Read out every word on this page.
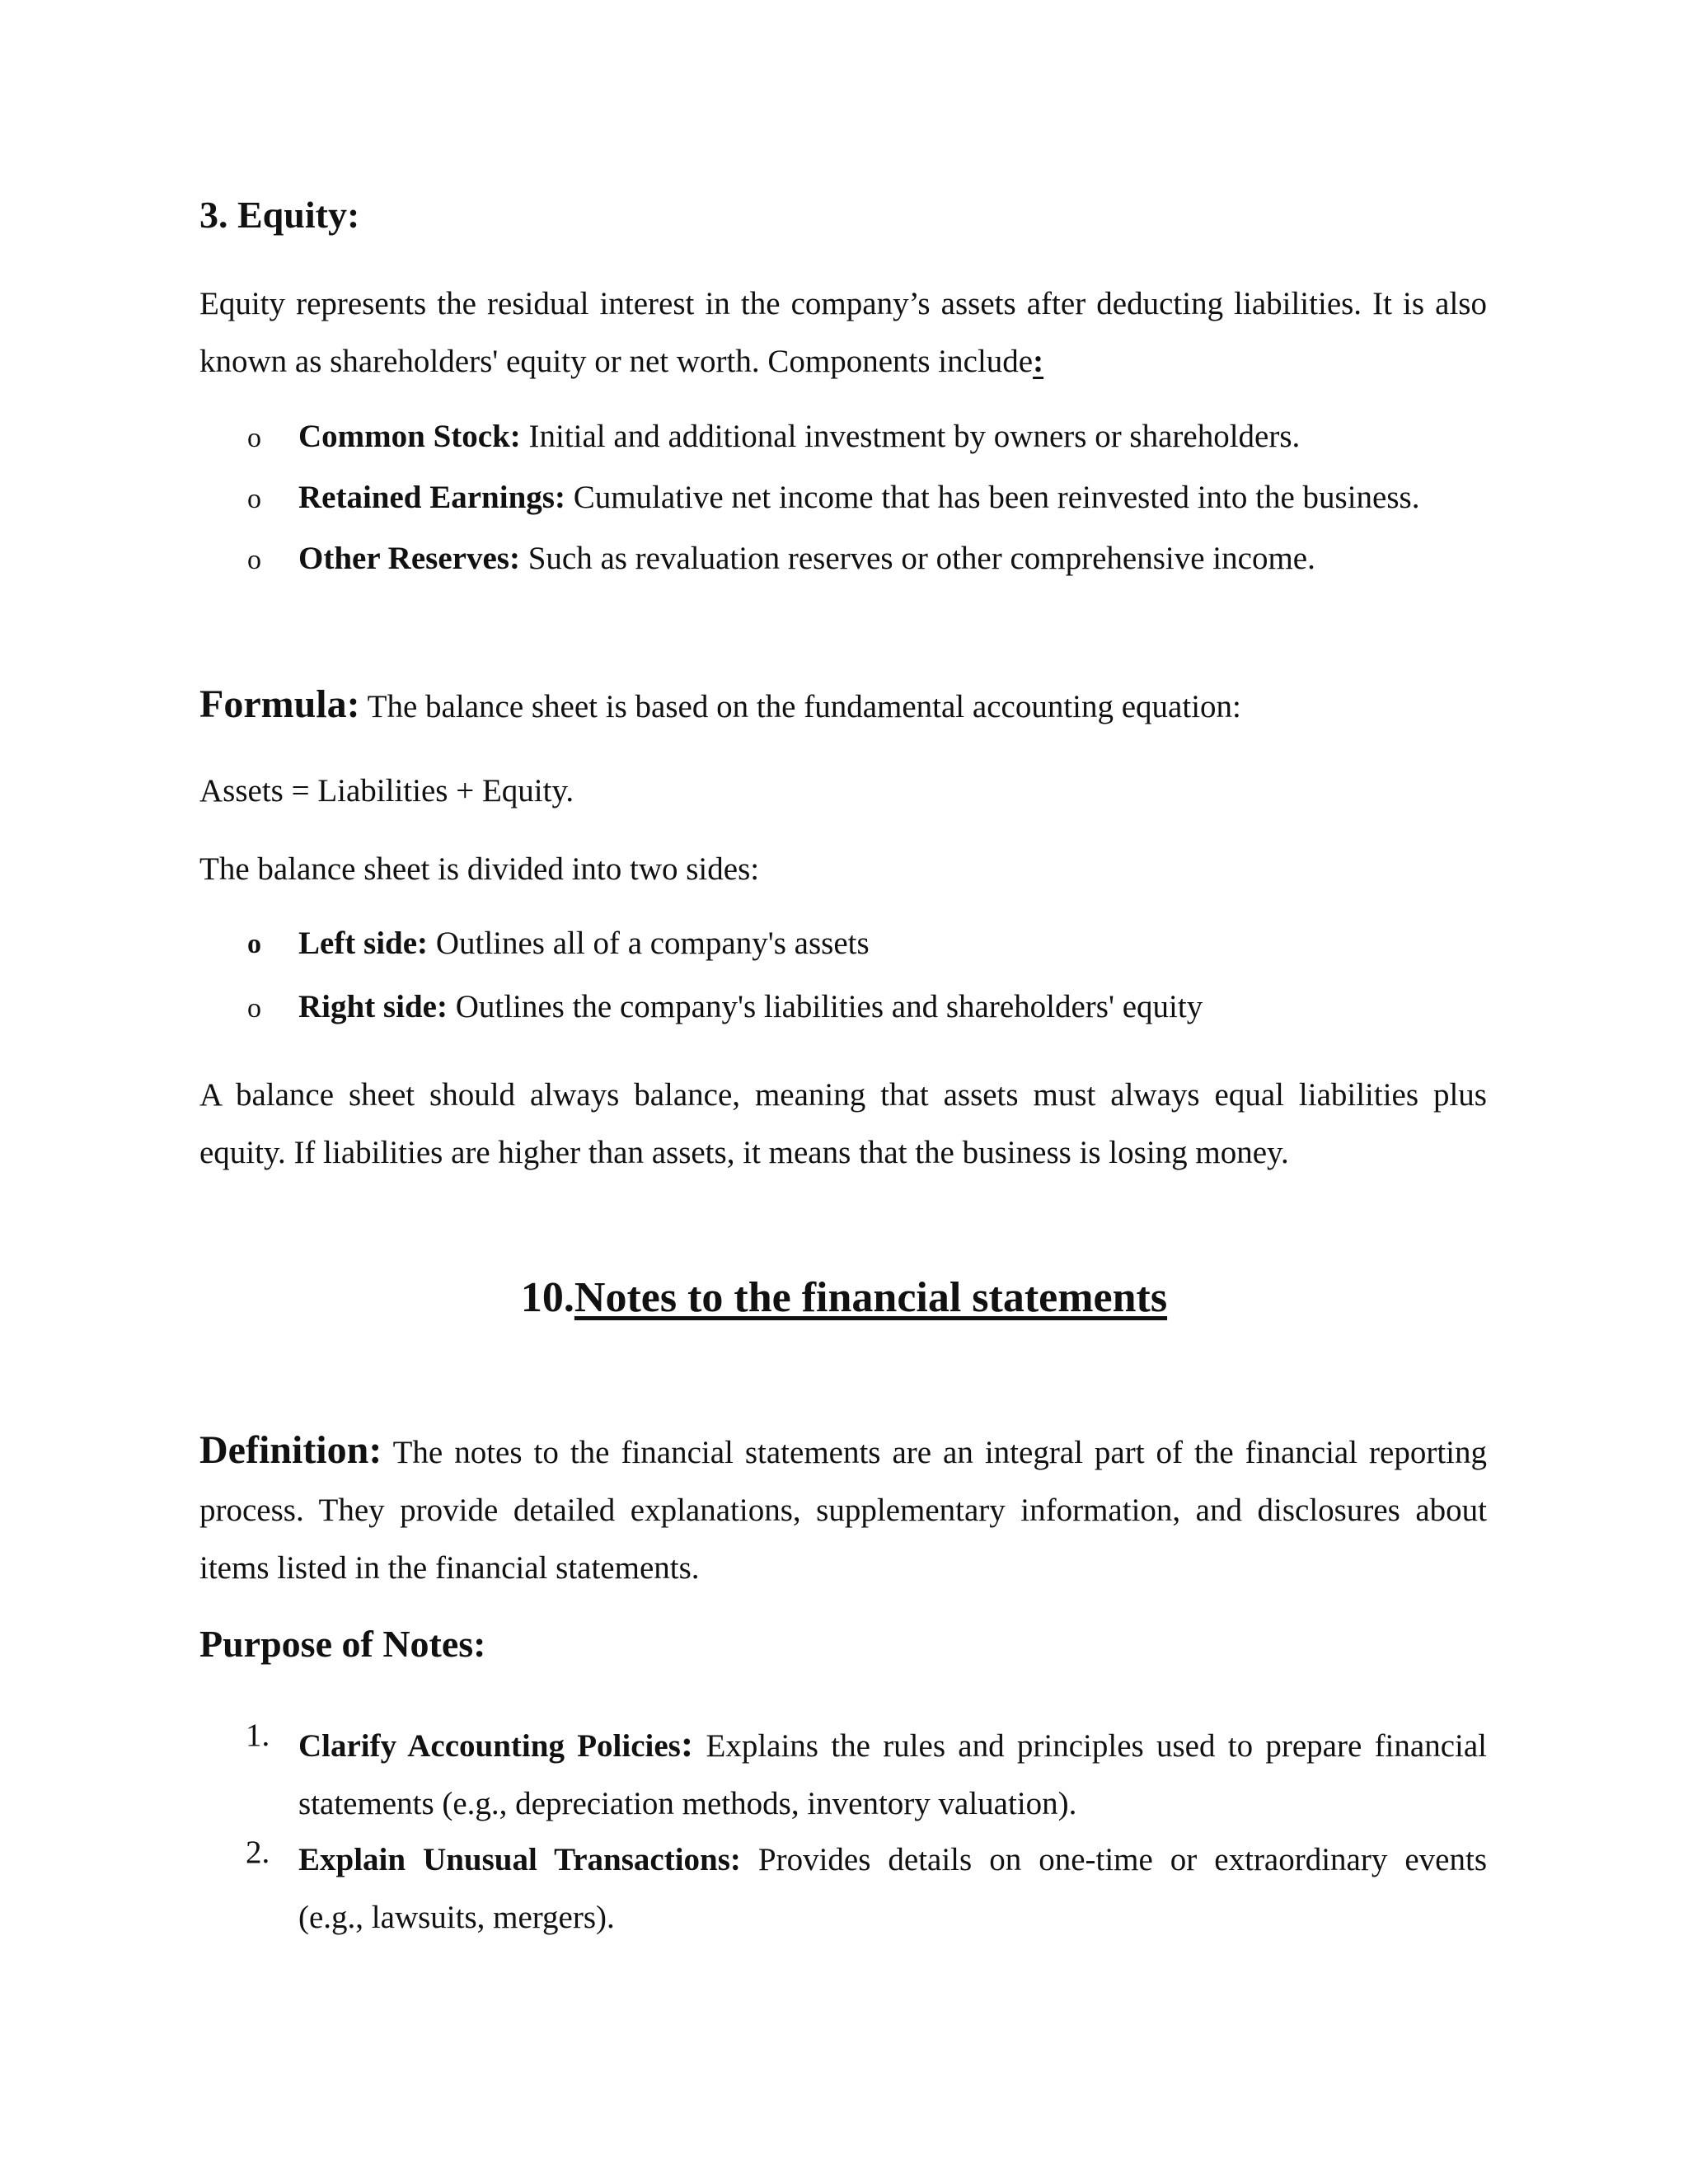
3. Equity:
Equity represents the residual interest in the company’s assets after deducting liabilities. It is also
known as shareholders' equity or net worth. Components include:
o Common Stock: Initial and additional investment by owners or shareholders.
o Retained Earnings: Cumulative net income that has been reinvested into the business.
o Other Reserves: Such as revaluation reserves or other comprehensive income.
Formula: The balance sheet is based on the fundamental accounting equation:
Assets = Liabilities + Equity.
The balance sheet is divided into two sides:
o Left side: Outlines all of a company's assets
o Right side: Outlines the company's liabilities and shareholders' equity
A balance sheet should always balance, meaning that assets must always equal liabilities plus
equity. If liabilities are higher than assets, it means that the business is losing money.
10.Notes to the financial statements
Definition: The notes to the financial statements are an integral part of the financial reporting
process. They provide detailed explanations, supplementary information, and disclosures about
items listed in the financial statements.
Purpose of Notes:
1. Clarify Accounting Policies: Explains the rules and principles used to prepare financial
statements (e.g., depreciation methods, inventory valuation).
2. Explain Unusual Transactions: Provides details on one-time or extraordinary events
(e.g., lawsuits, mergers).
